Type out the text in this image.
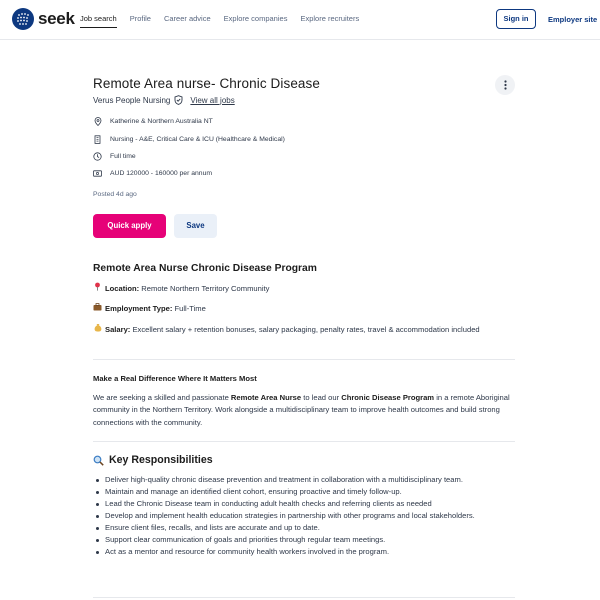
seek Job search Profile Career advice Explore companies Explore recruiters	Sign in	Employer site
Remote Area nurse- Chronic Disease
Verus People Nursing	View all jobs
Katherine & Northern Australia NT
Nursing - A&E, Critical Care & ICU (Healthcare & Medical)
Full time
AUD 120000 - 160000 per annum
Posted 4d ago
Quick apply	Save
Remote Area Nurse Chronic Disease Program
Location: Remote Northern Territory Community
Employment Type: Full-Time
Salary: Excellent salary + retention bonuses, salary packaging, penalty rates, travel & accommodation included
Make a Real Difference Where It Matters Most

We are seeking a skilled and passionate Remote Area Nurse to lead our Chronic Disease Program in a remote Aboriginal community in the Northern Territory. Work alongside a multidisciplinary team to improve health outcomes and build strong connections with the community.

Key Responsibilities
Deliver high-quality chronic disease prevention and treatment in collaboration with a multidisciplinary team.
Maintain and manage an identified client cohort, ensuring proactive and timely follow-up.
Lead the Chronic Disease team in conducting adult health checks and referring clients as needed
Develop and implement health education strategies in partnership with other programs and local stakeholders.
Ensure client files, recalls, and lists are accurate and up to date.
Support clear communication of goals and priorities through regular team meetings.
Act as a mentor and resource for community health workers involved in the program.
